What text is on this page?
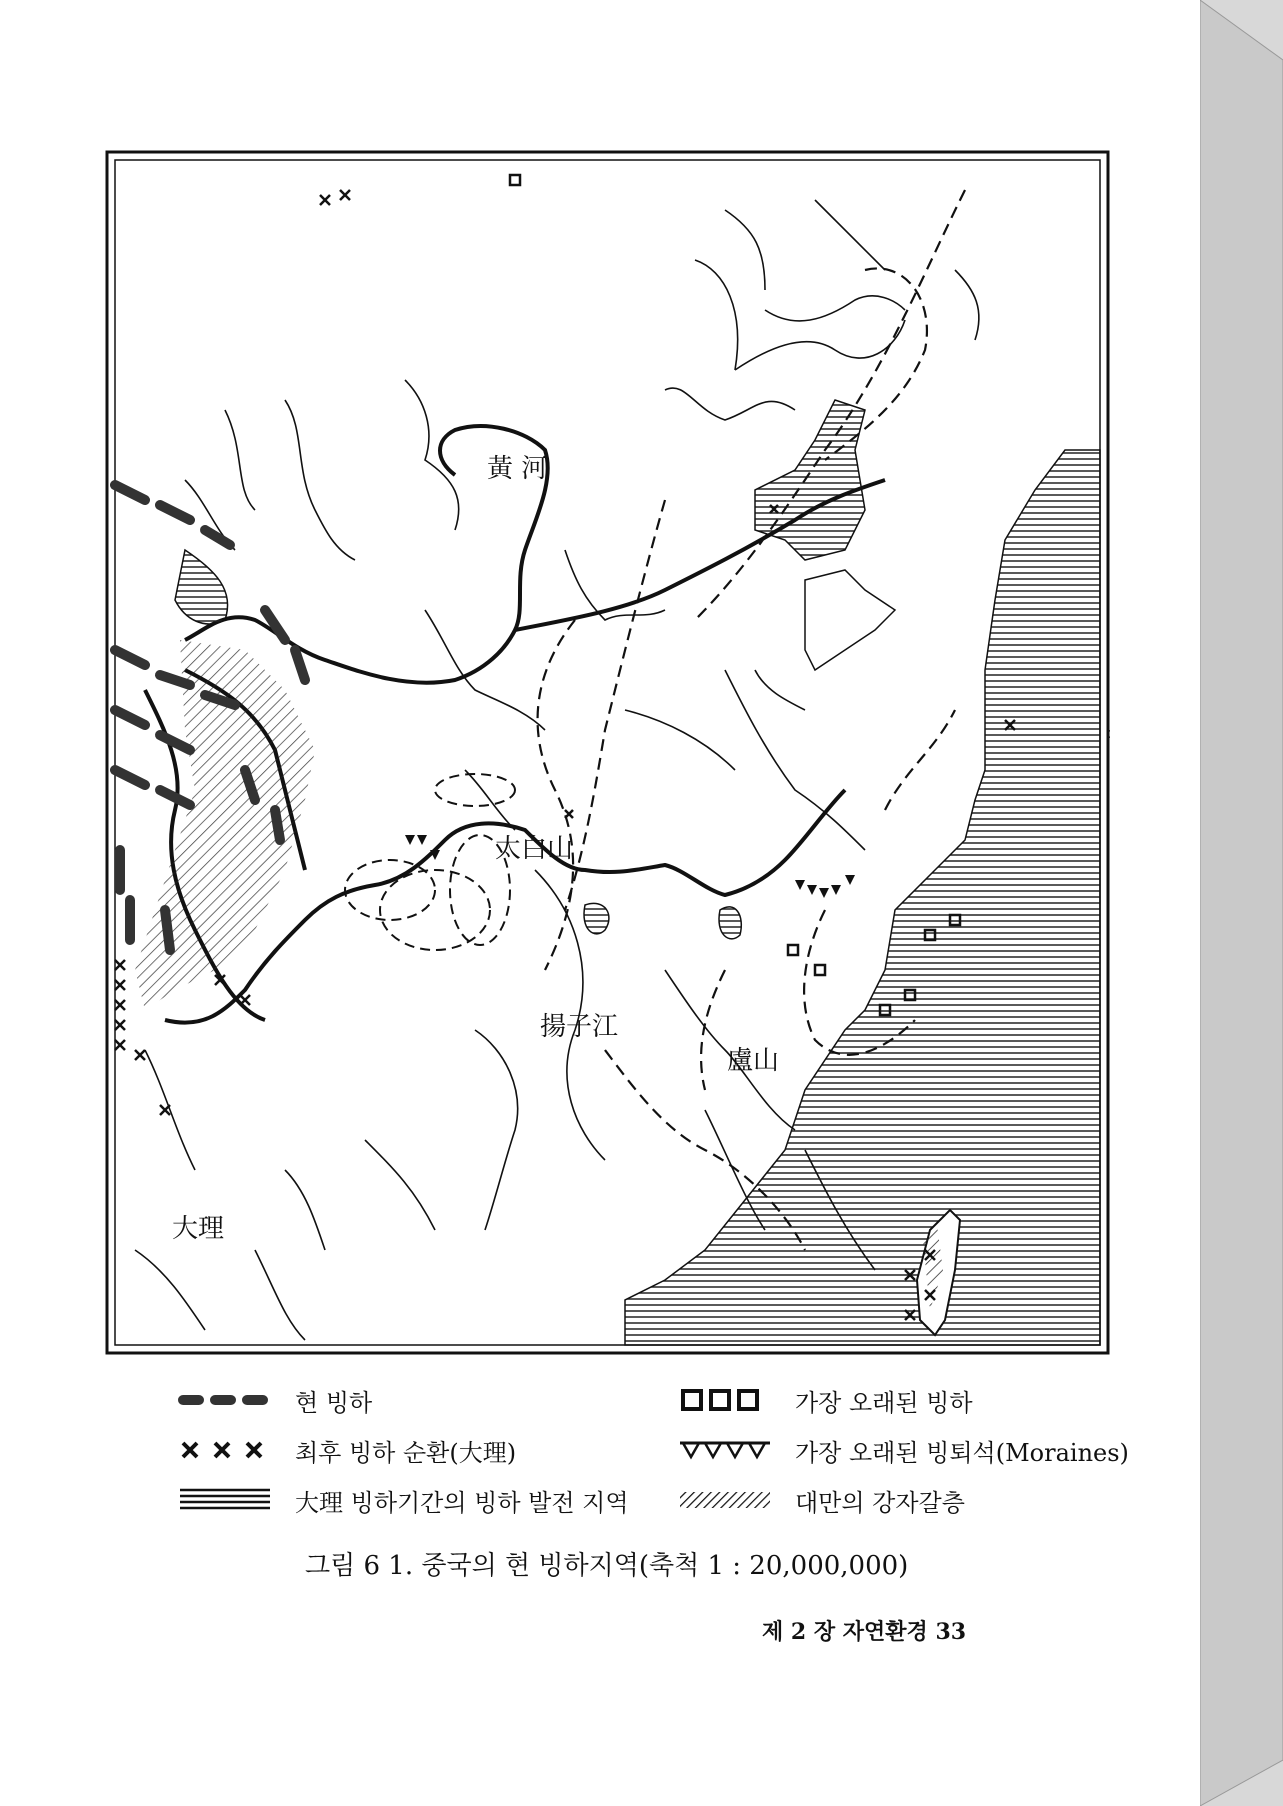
黃 河
太白山
揚子江
盧山
大理
현 빙하	가장 오래된 빙하
최후 빙하 순환(大理)	가장 오래된 빙퇴석(Moraines)
大理 빙하기간의 빙하 발전 지역	대만의 강자갈층
그림 6 1. 중국의 현 빙하지역(축척 1 : 20,000,000)
제 2 장 자연환경 33
